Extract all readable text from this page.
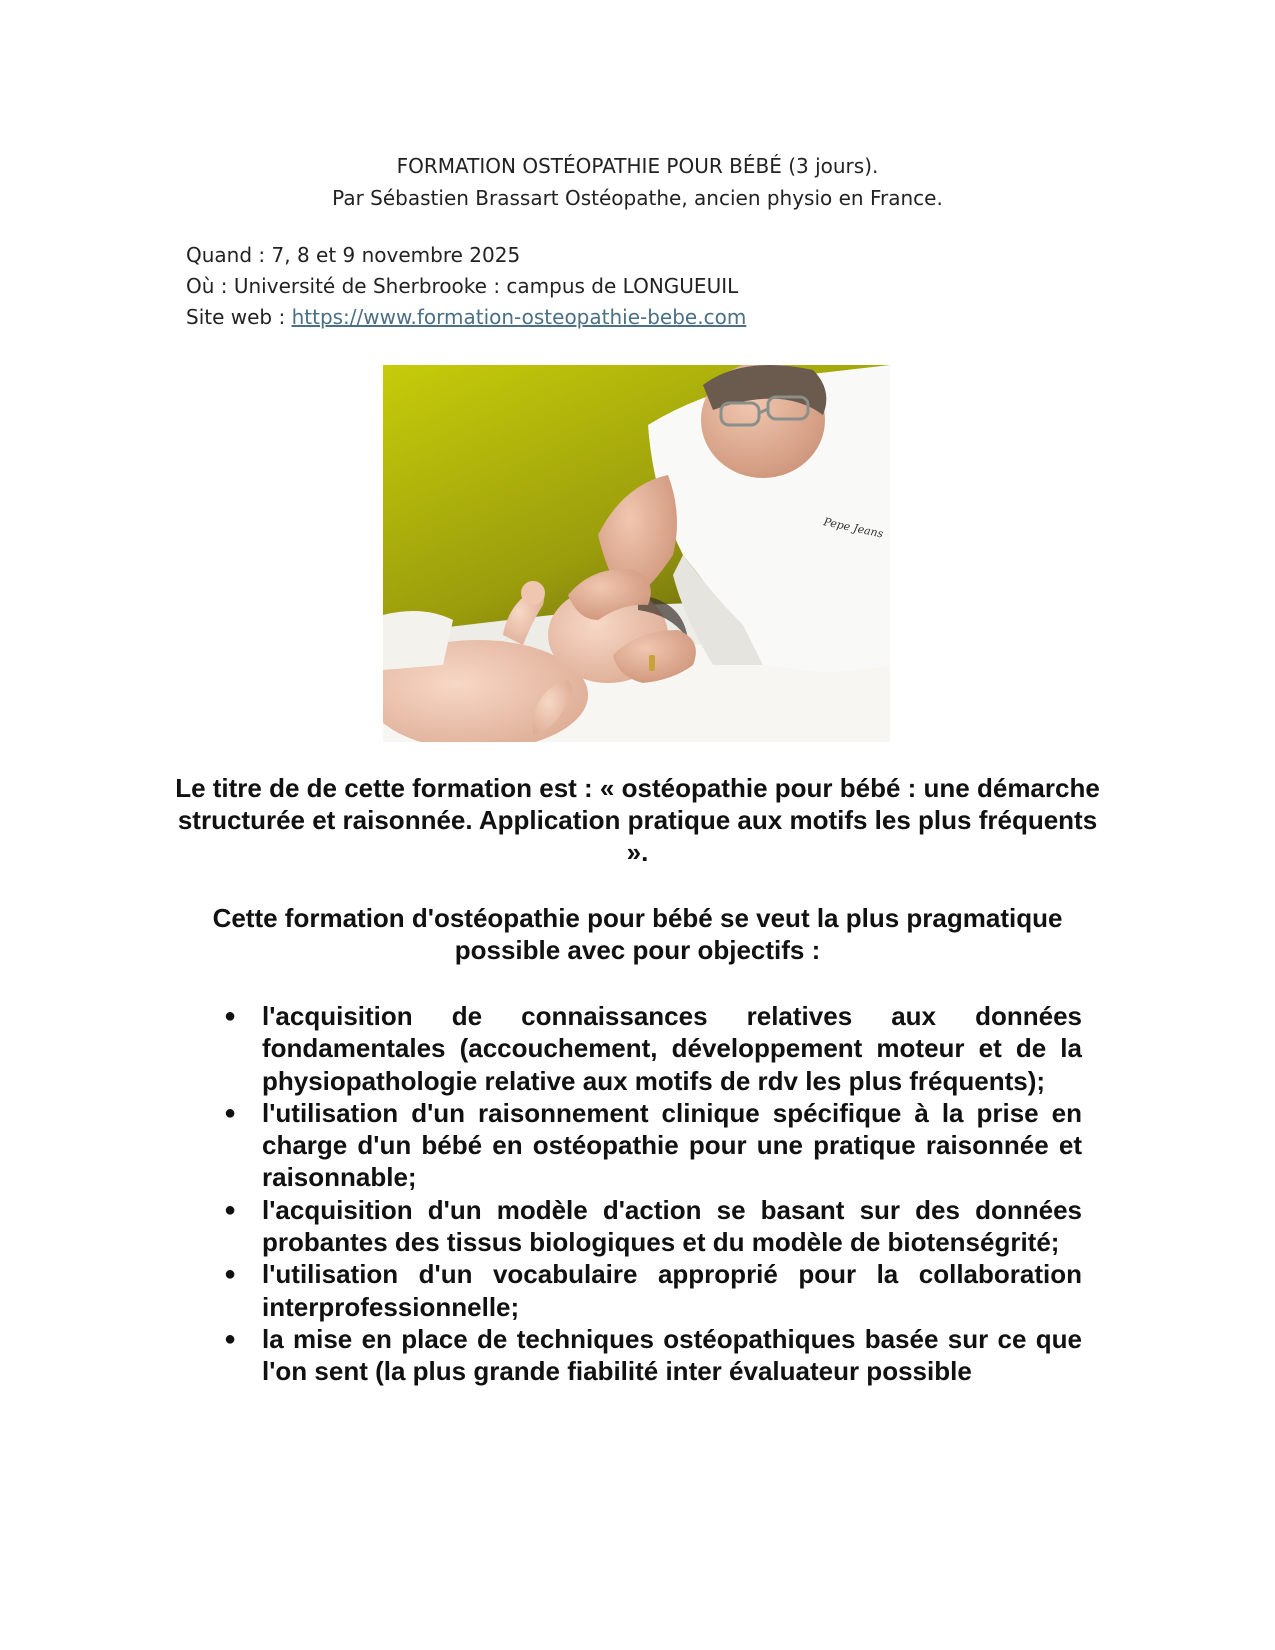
FORMATION OSTÉOPATHIE POUR BÉBÉ (3 jours).
Par Sébastien Brassart Ostéopathe, ancien physio en France.
Quand : 7, 8 et 9 novembre 2025
Où : Université de Sherbrooke : campus de LONGUEUIL
Site web : https://www.formation-osteopathie-bebe.com
Pepe Jeans
Le titre de de cette formation est : « ostéopathie pour bébé : une démarche structurée et raisonnée. Application pratique aux motifs les plus fréquents ».
Cette formation d'ostéopathie pour bébé se veut la plus pragmatique possible avec pour objectifs :
● l'acquisition de connaissances relatives aux données fondamentales (accouchement, développement moteur et de la physiopathologie relative aux motifs de rdv les plus fréquents);
● l'utilisation d'un raisonnement clinique spécifique à la prise en charge d'un bébé en ostéopathie pour une pratique raisonnée et raisonnable;
● l'acquisition d'un modèle d'action se basant sur des données probantes des tissus biologiques et du modèle de biotenségrité;
● l'utilisation d'un vocabulaire approprié pour la collaboration interprofessionnelle;
● la mise en place de techniques ostéopathiques basée sur ce que l'on sent (la plus grande fiabilité inter évaluateur possible
